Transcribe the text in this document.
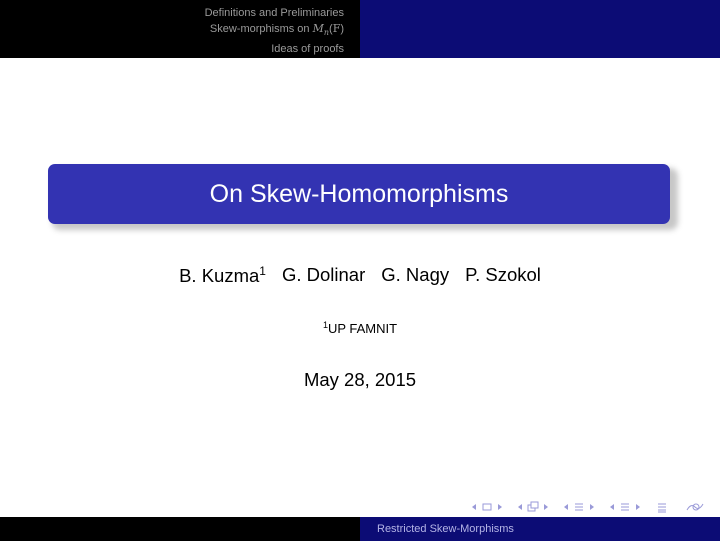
Definitions and Preliminaries
Skew-morphisms on $M_n(F)$
Ideas of proofs
On Skew-Homomorphisms
B. Kuzma$^1$ G. Dolinar G. Nagy P. Szokol
$^1$UP FAMNIT
May 28, 2015
Restricted Skew-Morphisms
